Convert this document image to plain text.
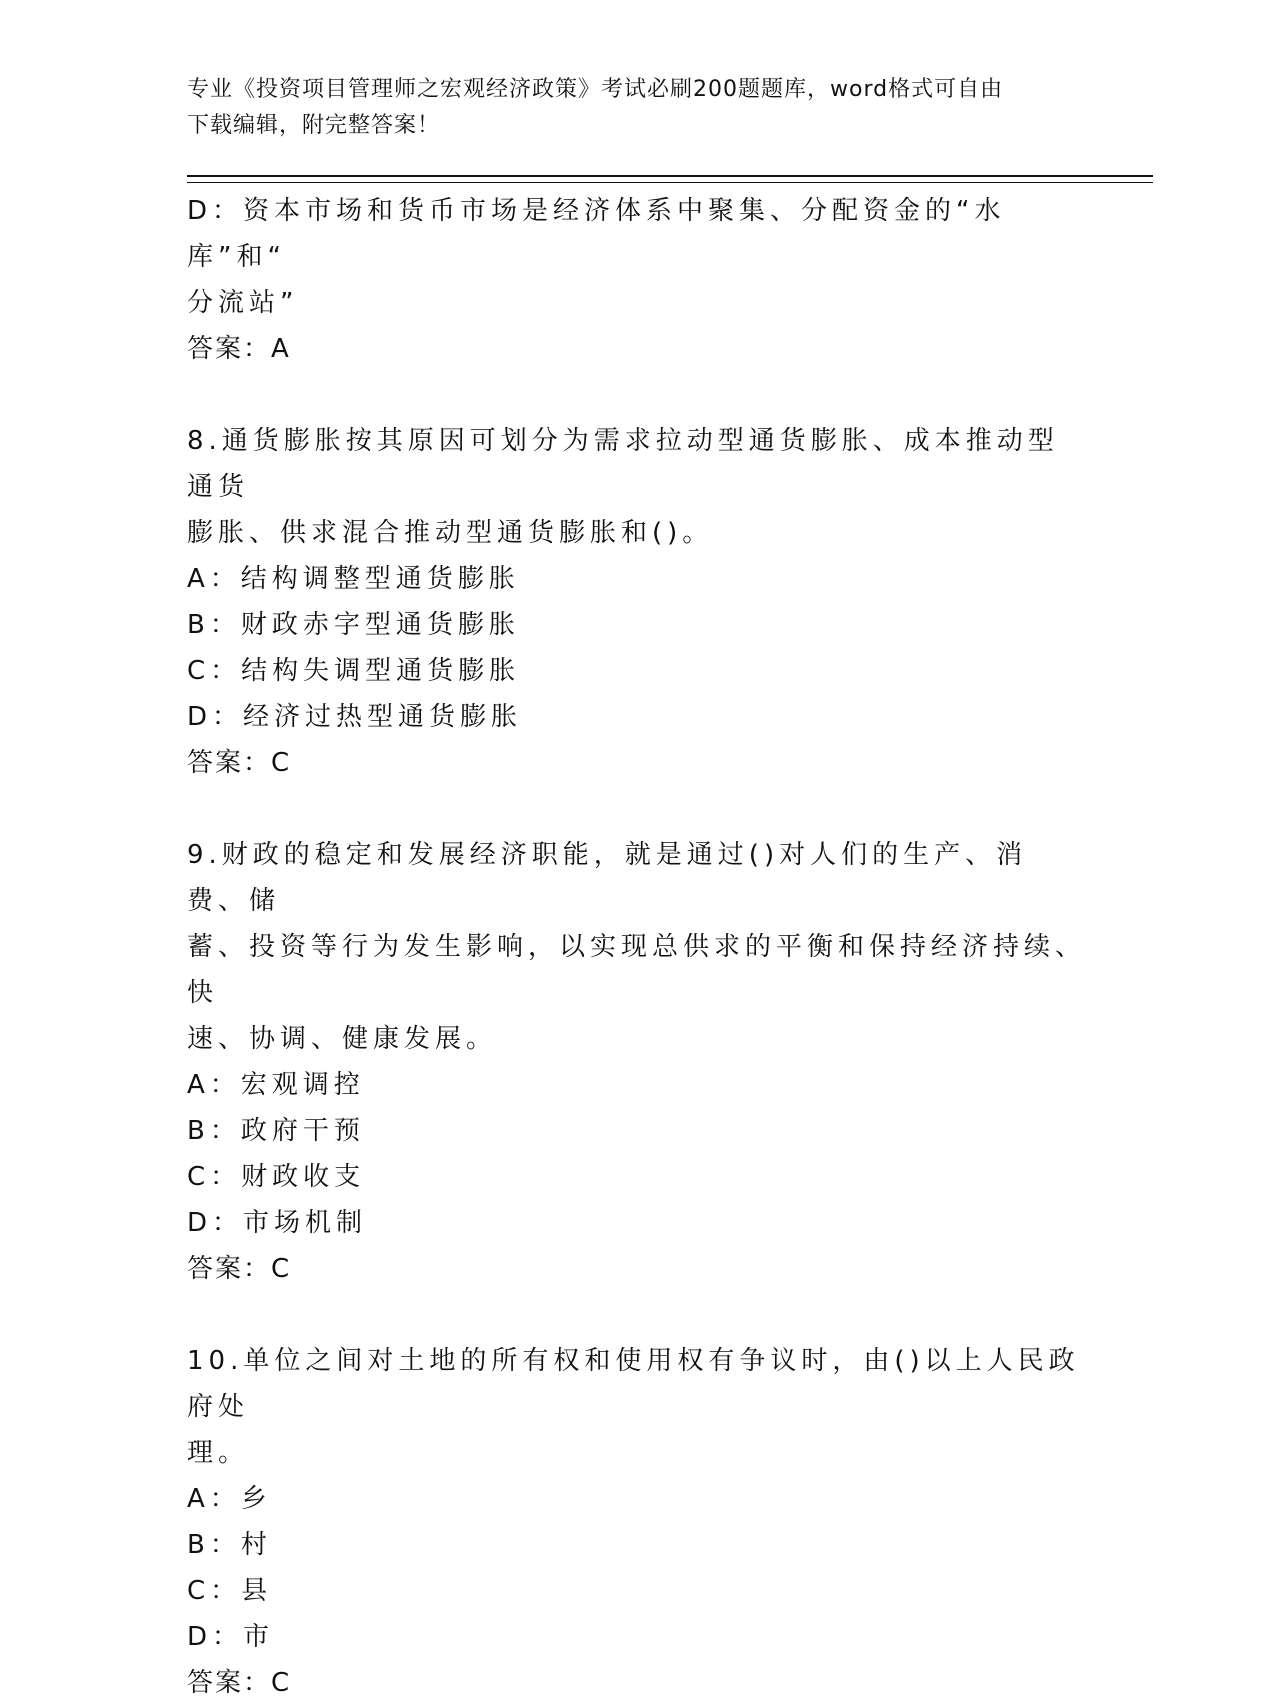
专业《投资项目管理师之宏观经济政策》考试必刷200题题库，word格式可自由
下载编辑，附完整答案！
D：资本市场和货币市场是经济体系中聚集、分配资金的“水库”和“
分流站”
答案：A
8.通货膨胀按其原因可划分为需求拉动型通货膨胀、成本推动型通货
膨胀、供求混合推动型通货膨胀和()。
A：结构调整型通货膨胀
B：财政赤字型通货膨胀
C：结构失调型通货膨胀
D：经济过热型通货膨胀
答案：C
9.财政的稳定和发展经济职能，就是通过()对人们的生产、消费、储
蓄、投资等行为发生影响，以实现总供求的平衡和保持经济持续、快
速、协调、健康发展。
A：宏观调控
B：政府干预
C：财政收支
D：市场机制
答案：C
10.单位之间对土地的所有权和使用权有争议时，由()以上人民政府处
理。
A：乡
B：村
C：县
D：市
答案：C
